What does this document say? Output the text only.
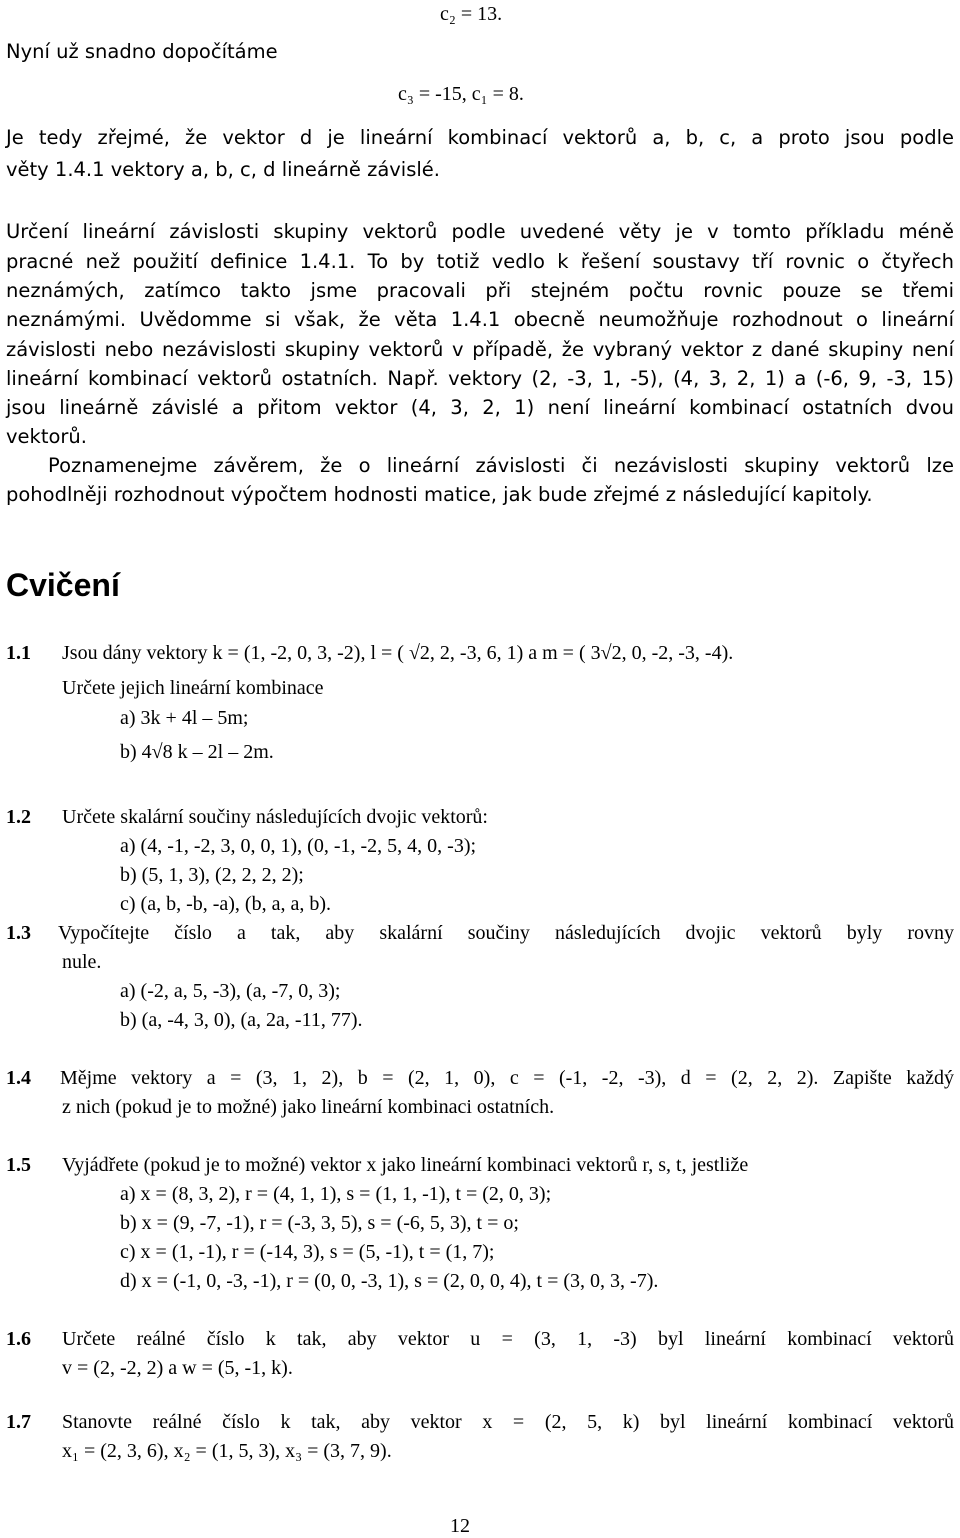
c₂ = 13.
Nyní už snadno dopočítáme
c₃ = -15, c₁ = 8.
Je tedy zřejmé, že vektor d je lineární kombinací vektorů a, b, c, a proto jsou podle
věty 1.4.1 vektory a, b, c, d lineárně závislé.
Určení lineární závislosti skupiny vektorů podle uvedené věty je v tomto příkladu méně
pracné než použití definice 1.4.1. To by totiž vedlo k řešení soustavy tří rovnic o čtyřech
neznámých, zatímco takto jsme pracovali při stejném počtu rovnic pouze se třemi
neznámými. Uvědomme si však, že věta 1.4.1 obecně neumožňuje rozhodnout o lineární
závislosti nebo nezávislosti skupiny vektorů v případě, že vybraný vektor z dané skupiny není
lineární kombinací vektorů ostatních. Např. vektory (2, -3, 1, -5), (4, 3, 2, 1) a (-6, 9, -3, 15)
jsou lineárně závislé a přitom vektor (4, 3, 2, 1) není lineární kombinací ostatních dvou
vektorů.
Poznamenejme závěrem, že o lineární závislosti či nezávislosti skupiny vektorů lze
pohodlněji rozhodnout výpočtem hodnosti matice, jak bude zřejmé z následující kapitoly.
Cvičení
1.1 Jsou dány vektory k = (1, -2, 0, 3, -2), l = ( √2, 2, -3, 6, 1) a m = ( 3√2, 0, -2, -3, -4).
Určete jejich lineární kombinace
a) 3k + 4l – 5m;
b) 4√8 k – 2l – 2m.
1.2 Určete skalární součiny následujících dvojic vektorů:
a) (4, -1, -2, 3, 0, 0, 1), (0, -1, -2, 5, 4, 0, -3);
b) (5, 1, 3), (2, 2, 2, 2);
c) (a, b, -b, -a), (b, a, a, b).
1.3 Vypočítejte číslo a tak, aby skalární součiny následujících dvojic vektorů byly rovny
nule.
a) (-2, a, 5, -3), (a, -7, 0, 3);
b) (a, -4, 3, 0), (a, 2a, -11, 77).
1.4 Mějme vektory a = (3, 1, 2), b = (2, 1, 0), c = (-1, -2, -3), d = (2, 2, 2). Zapište každý
z nich (pokud je to možné) jako lineární kombinaci ostatních.
1.5 Vyjádřete (pokud je to možné) vektor x jako lineární kombinaci vektorů r, s, t, jestliže
a) x = (8, 3, 2), r = (4, 1, 1), s = (1, 1, -1), t = (2, 0, 3);
b) x = (9, -7, -1), r = (-3, 3, 5), s = (-6, 5, 3), t = o;
c) x = (1, -1), r = (-14, 3), s = (5, -1), t = (1, 7);
d) x = (-1, 0, -3, -1), r = (0, 0, -3, 1), s = (2, 0, 0, 4), t = (3, 0, 3, -7).
1.6 Určete reálné číslo k tak, aby vektor u = (3, 1, -3) byl lineární kombinací vektorů
v = (2, -2, 2) a w = (5, -1, k).
1.7 Stanovte reálné číslo k tak, aby vektor x = (2, 5, k) byl lineární kombinací vektorů
x₁ = (2, 3, 6), x₂ = (1, 5, 3), x₃ = (3, 7, 9).
12
